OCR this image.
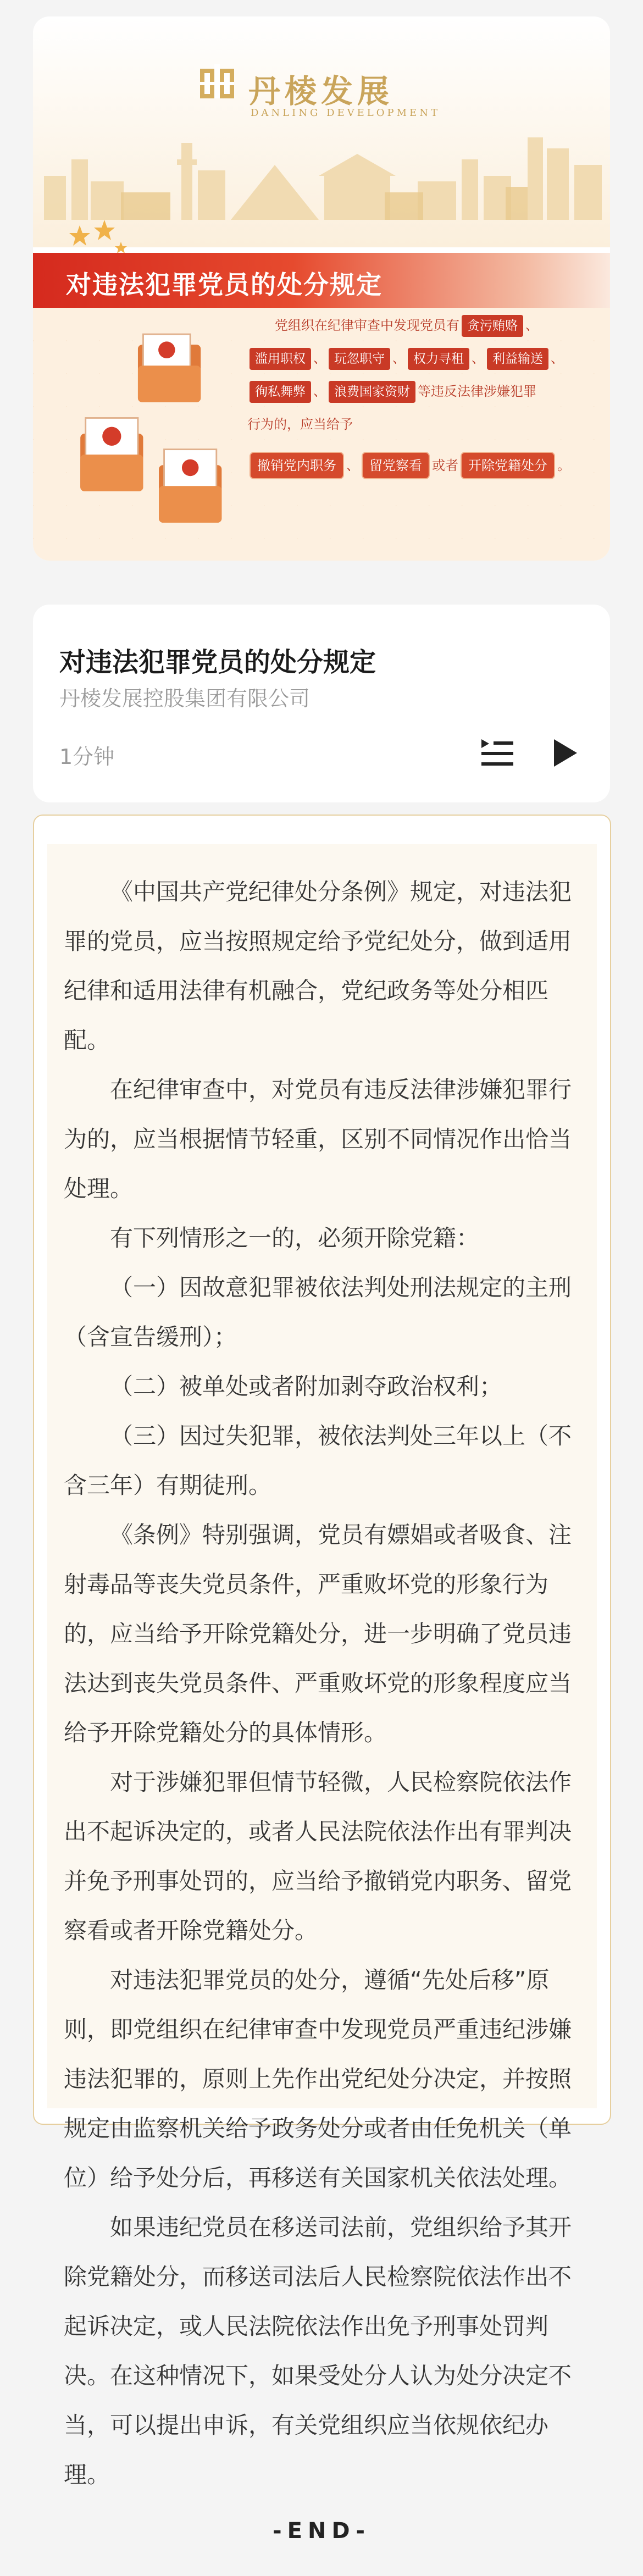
丹棱发展
DANLING DEVELOPMENT
对违法犯罪党员的处分规定
党组织在纪律审查中发现党员有 贪污贿赂 、
滥用职权 、 玩忽职守 、 权力寻租 、 利益输送 、
徇私舞弊 、 浪费国家资财 等违反法律涉嫌犯罪
行为的，应当给予
撤销党内职务 、 留党察看 或者 开除党籍处分 。
对违法犯罪党员的处分规定
丹棱发展控股集团有限公司
1分钟

《中国共产党纪律处分条例》规定，对违法犯罪的党员，应当按照规定给予党纪处分，做到适用纪律和适用法律有机融合，党纪政务等处分相匹配。

在纪律审查中，对党员有违反法律涉嫌犯罪行为的，应当根据情节轻重，区别不同情况作出恰当处理。

有下列情形之一的，必须开除党籍：

（一）因故意犯罪被依法判处刑法规定的主刑（含宣告缓刑）；

（二）被单处或者附加剥夺政治权利；

（三）因过失犯罪，被依法判处三年以上（不含三年）有期徒刑。

《条例》特别强调，党员有嫖娼或者吸食、注射毒品等丧失党员条件，严重败坏党的形象行为的，应当给予开除党籍处分，进一步明确了党员违法达到丧失党员条件、严重败坏党的形象程度应当给予开除党籍处分的具体情形。

对于涉嫌犯罪但情节轻微，人民检察院依法作出不起诉决定的，或者人民法院依法作出有罪判决并免予刑事处罚的，应当给予撤销党内职务、留党察看或者开除党籍处分。

对违法犯罪党员的处分，遵循“先处后移”原则，即党组织在纪律审查中发现党员严重违纪涉嫌违法犯罪的，原则上先作出党纪处分决定，并按照规定由监察机关给予政务处分或者由任免机关（单位）给予处分后，再移送有关国家机关依法处理。

如果违纪党员在移送司法前，党组织给予其开除党籍处分，而移送司法后人民检察院依法作出不起诉决定，或人民法院依法作出免予刑事处罚判决。在这种情况下，如果受处分人认为处分决定不当，可以提出申诉，有关党组织应当依规依纪办理。

-END-
